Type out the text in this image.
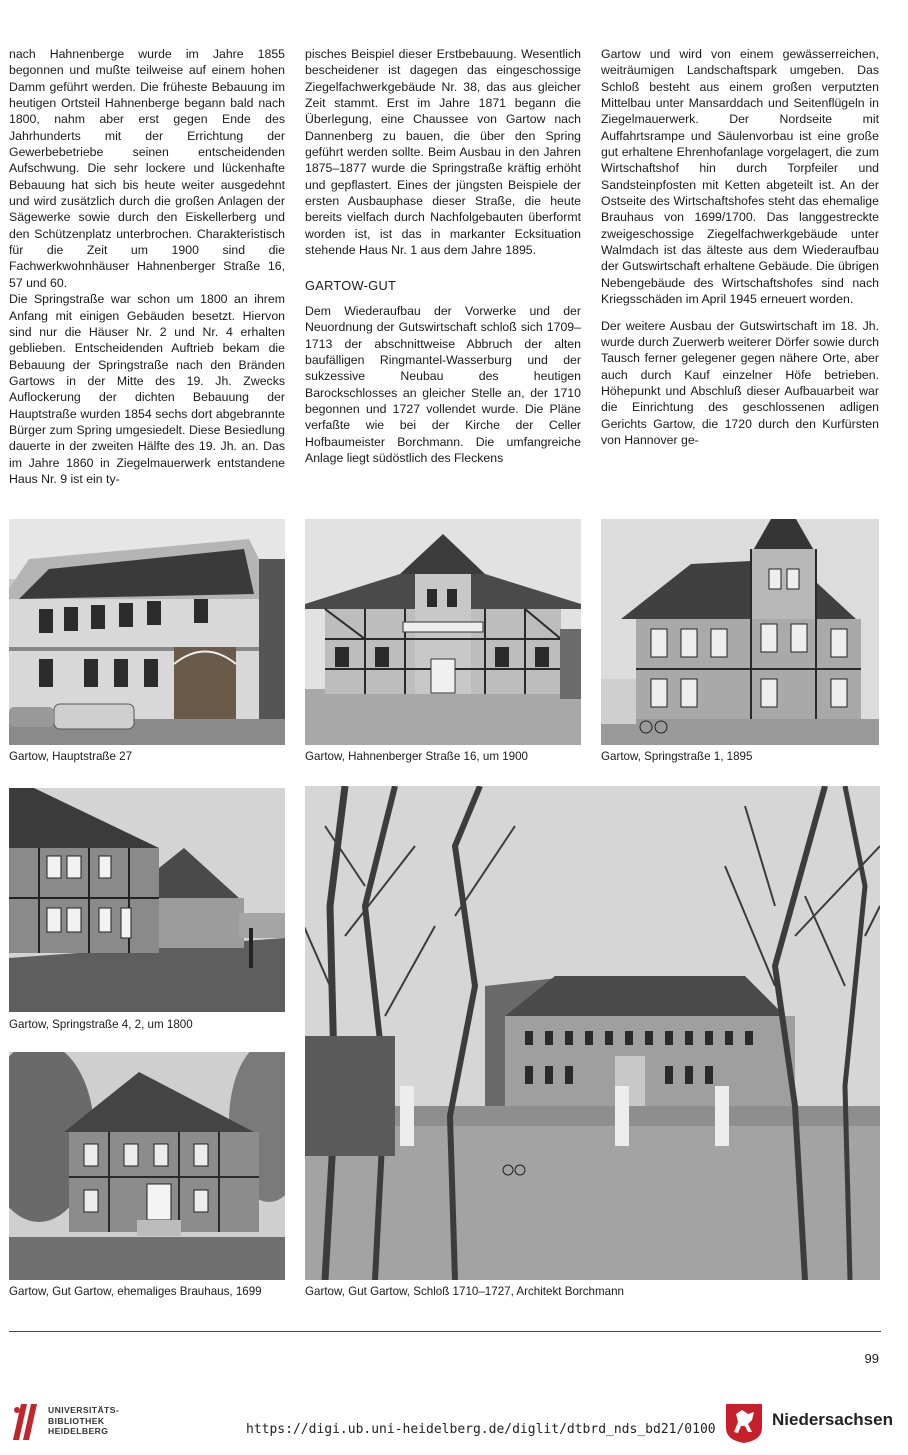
nach Hahnenberge wurde im Jahre 1855 begonnen und mußte teilweise auf einem hohen Damm geführt werden. Die früheste Bebauung im heutigen Ortsteil Hahnenberge begann bald nach 1800, nahm aber erst gegen Ende des Jahrhunderts mit der Errichtung der Gewerbebetriebe seinen entscheidenden Aufschwung. Die sehr lockere und lückenhafte Bebauung hat sich bis heute weiter ausgedehnt und wird zusätzlich durch die großen Anlagen der Sägewerke sowie durch den Eiskellerberg und den Schützenplatz unterbrochen. Charakteristisch für die Zeit um 1900 sind die Fachwerkwohnhäuser Hahnenberger Straße 16, 57 und 60.

Die Springstraße war schon um 1800 an ihrem Anfang mit einigen Gebäuden besetzt. Hiervon sind nur die Häuser Nr. 2 und Nr. 4 erhalten geblieben. Entscheidenden Auftrieb bekam die Bebauung der Springstraße nach den Bränden Gartows in der Mitte des 19. Jh. Zwecks Auflockerung der dichten Bebauung der Hauptstraße wurden 1854 sechs dort abgebrannte Bürger zum Spring umgesiedelt. Diese Besiedlung dauerte in der zweiten Hälfte des 19. Jh. an. Das im Jahre 1860 in Ziegelmauerwerk entstandene Haus Nr. 9 ist ein ty-

pisches Beispiel dieser Erstbebauung. Wesentlich bescheidener ist dagegen das eingeschossige Ziegelfachwerkgebäude Nr. 38, das aus gleicher Zeit stammt. Erst im Jahre 1871 begann die Überlegung, eine Chaussee von Gartow nach Dannenberg zu bauen, die über den Spring geführt werden sollte. Beim Ausbau in den Jahren 1875–1877 wurde die Springstraße kräftig erhöht und gepflastert. Eines der jüngsten Beispiele der ersten Ausbauphase dieser Straße, die heute bereits vielfach durch Nachfolgebauten überformt worden ist, ist das in markanter Ecksituation stehende Haus Nr. 1 aus dem Jahre 1895.

GARTOW-GUT

Dem Wiederaufbau der Vorwerke und der Neuordnung der Gutswirtschaft schloß sich 1709–1713 der abschnittweise Abbruch der alten baufälligen Ringmantel-Wasserburg und der sukzessive Neubau des heutigen Barockschlosses an gleicher Stelle an, der 1710 begonnen und 1727 vollendet wurde. Die Pläne verfaßte wie bei der Kirche der Celler Hofbaumeister Borchmann. Die umfangreiche Anlage liegt südöstlich des Fleckens

Gartow und wird von einem gewässerreichen, weiträumigen Landschaftspark umgeben. Das Schloß besteht aus einem großen verputzten Mittelbau unter Mansarddach und Seitenflügeln in Ziegelmauerwerk. Der Nordseite mit Auffahrtsrampe und Säulenvorbau ist eine große gut erhaltene Ehrenhofanlage vorgelagert, die zum Wirtschaftshof hin durch Torpfeiler und Sandsteinpfosten mit Ketten abgeteilt ist. An der Ostseite des Wirtschaftshofes steht das ehemalige Brauhaus von 1699/1700. Das langgestreckte zweigeschossige Ziegelfachwerkgebäude unter Walmdach ist das älteste aus dem Wiederaufbau der Gutswirtschaft erhaltene Gebäude. Die übrigen Nebengebäude des Wirtschaftshofes sind nach Kriegsschäden im April 1945 erneuert worden.

Der weitere Ausbau der Gutswirtschaft im 18. Jh. wurde durch Zuerwerb weiterer Dörfer sowie durch Tausch ferner gelegener gegen nähere Orte, aber auch durch Kauf einzelner Höfe betrieben. Höhepunkt und Abschluß dieser Aufbauarbeit war die Einrichtung des geschlossenen adligen Gerichts Gartow, die 1720 durch den Kurfürsten von Hannover ge-

Gartow, Hauptstraße 27	Gartow, Hahnenberger Straße 16, um 1900	Gartow, Springstraße 1, 1895
Gartow, Springstraße 4, 2, um 1800
Gartow, Gut Gartow, ehemaliges Brauhaus, 1699	Gartow, Gut Gartow, Schloß 1710–1727, Architekt Borchmann
99
UNIVERSITÄTS-
BIBLIOTHEK
HEIDELBERG	https://digi.ub.uni-heidelberg.de/diglit/dtbrd_nds_bd21/0100
Niedersachsen
